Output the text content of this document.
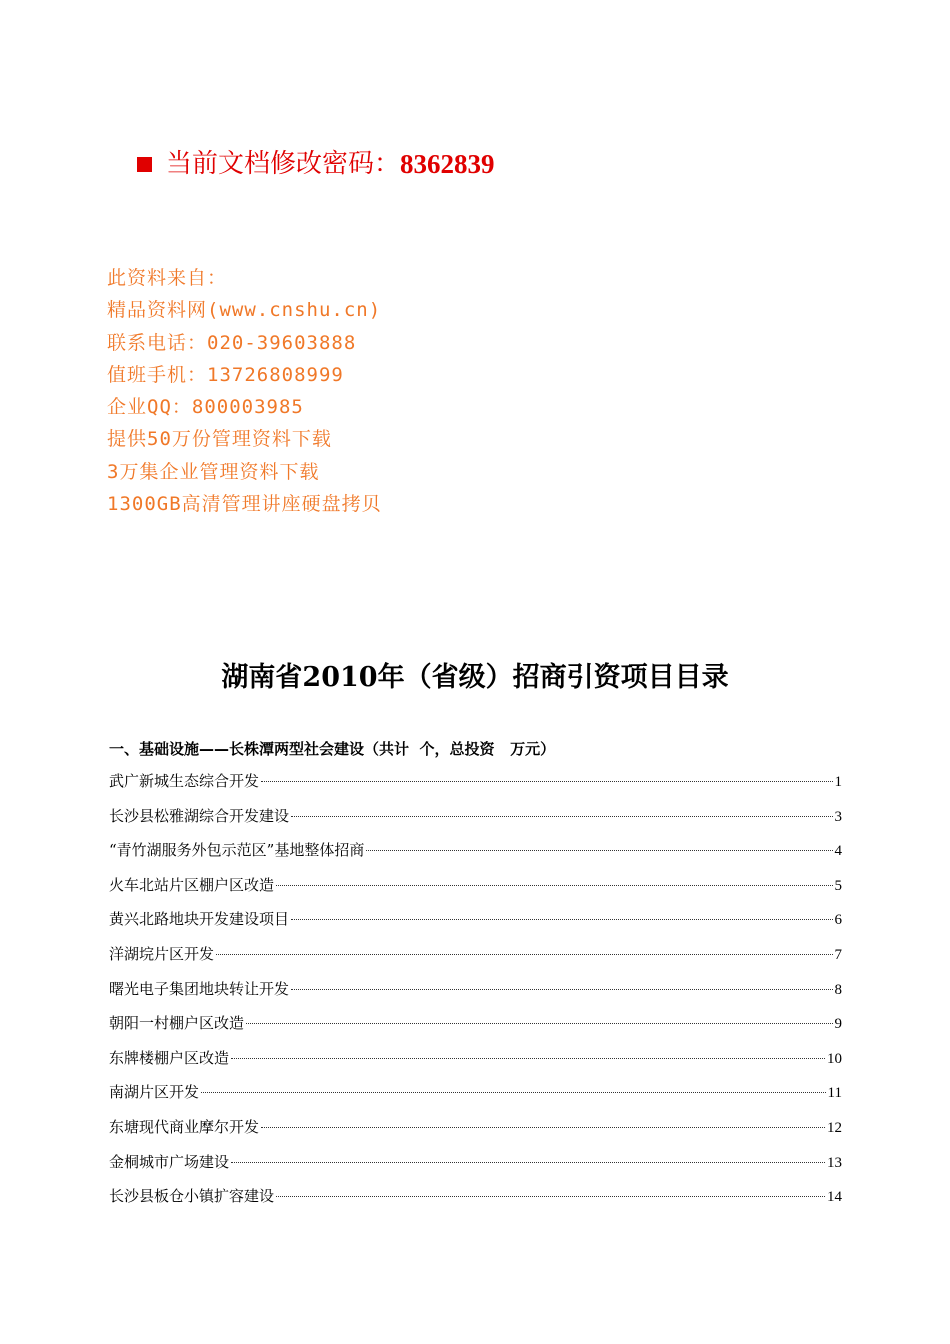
当前文档修改密码： 8362839
此资料来自：
精品资料网(www.cnshu.cn)
联系电话：020-39603888
值班手机：13726808999
企业QQ：800003985
提供50万份管理资料下载
3万集企业管理资料下载
1300GB高清管理讲座硬盘拷贝
湖南省2010年（省级）招商引资项目目录
一、基础设施——长株潭两型社会建设（共计  个，总投资   万元）
武广新城生态综合开发	1
长沙县松雅湖综合开发建设	3
“青竹湖服务外包示范区”基地整体招商	4
火车北站片区棚户区改造	5
黄兴北路地块开发建设项目	6
洋湖垸片区开发	7
曙光电子集团地块转让开发	8
朝阳一村棚户区改造	9
东牌楼棚户区改造	10
南湖片区开发	11
东塘现代商业摩尔开发	12
金桐城市广场建设	13
长沙县板仓小镇扩容建设	14
